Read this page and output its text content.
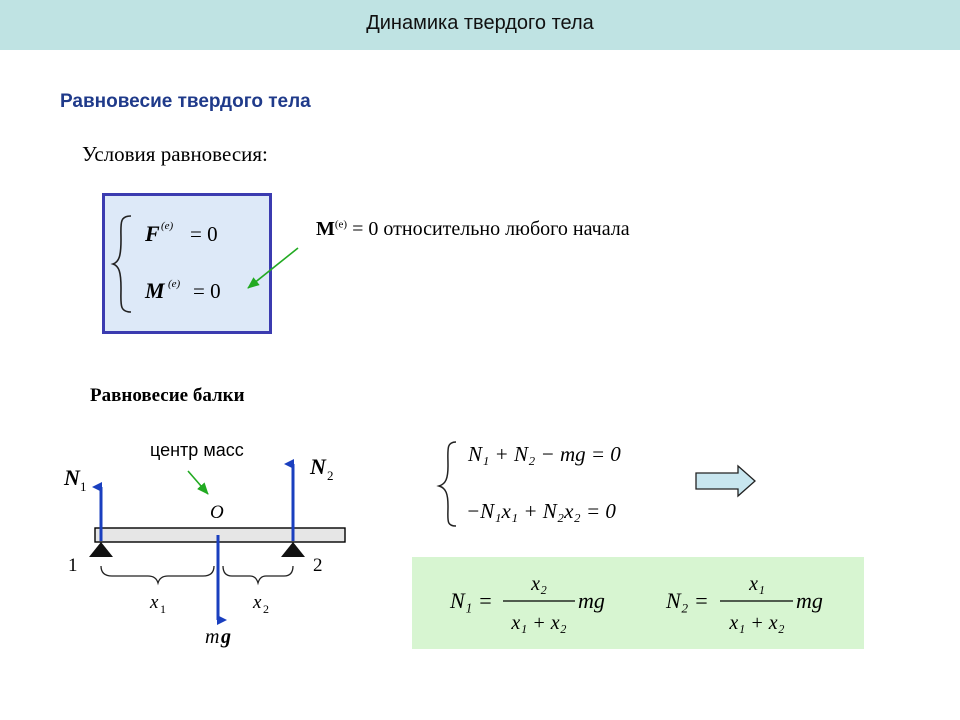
Динамика твердого тела
Равновесие твердого тела
Условия равновесия:
$M^{(e)} = 0$ относительно любого начала
Равновесие балки
F (e) = 0
M (e) = 0
N 1
N 2
центр масс
O
1	2
x 1	x 2
m g
N₁ + N₂ − mg = 0
−N₁x₁ + N₂x₂ = 0
N₁ =
x₂
x₁ + x₂
mg	N₂ =
x₁
x₁ + x₂
mg
